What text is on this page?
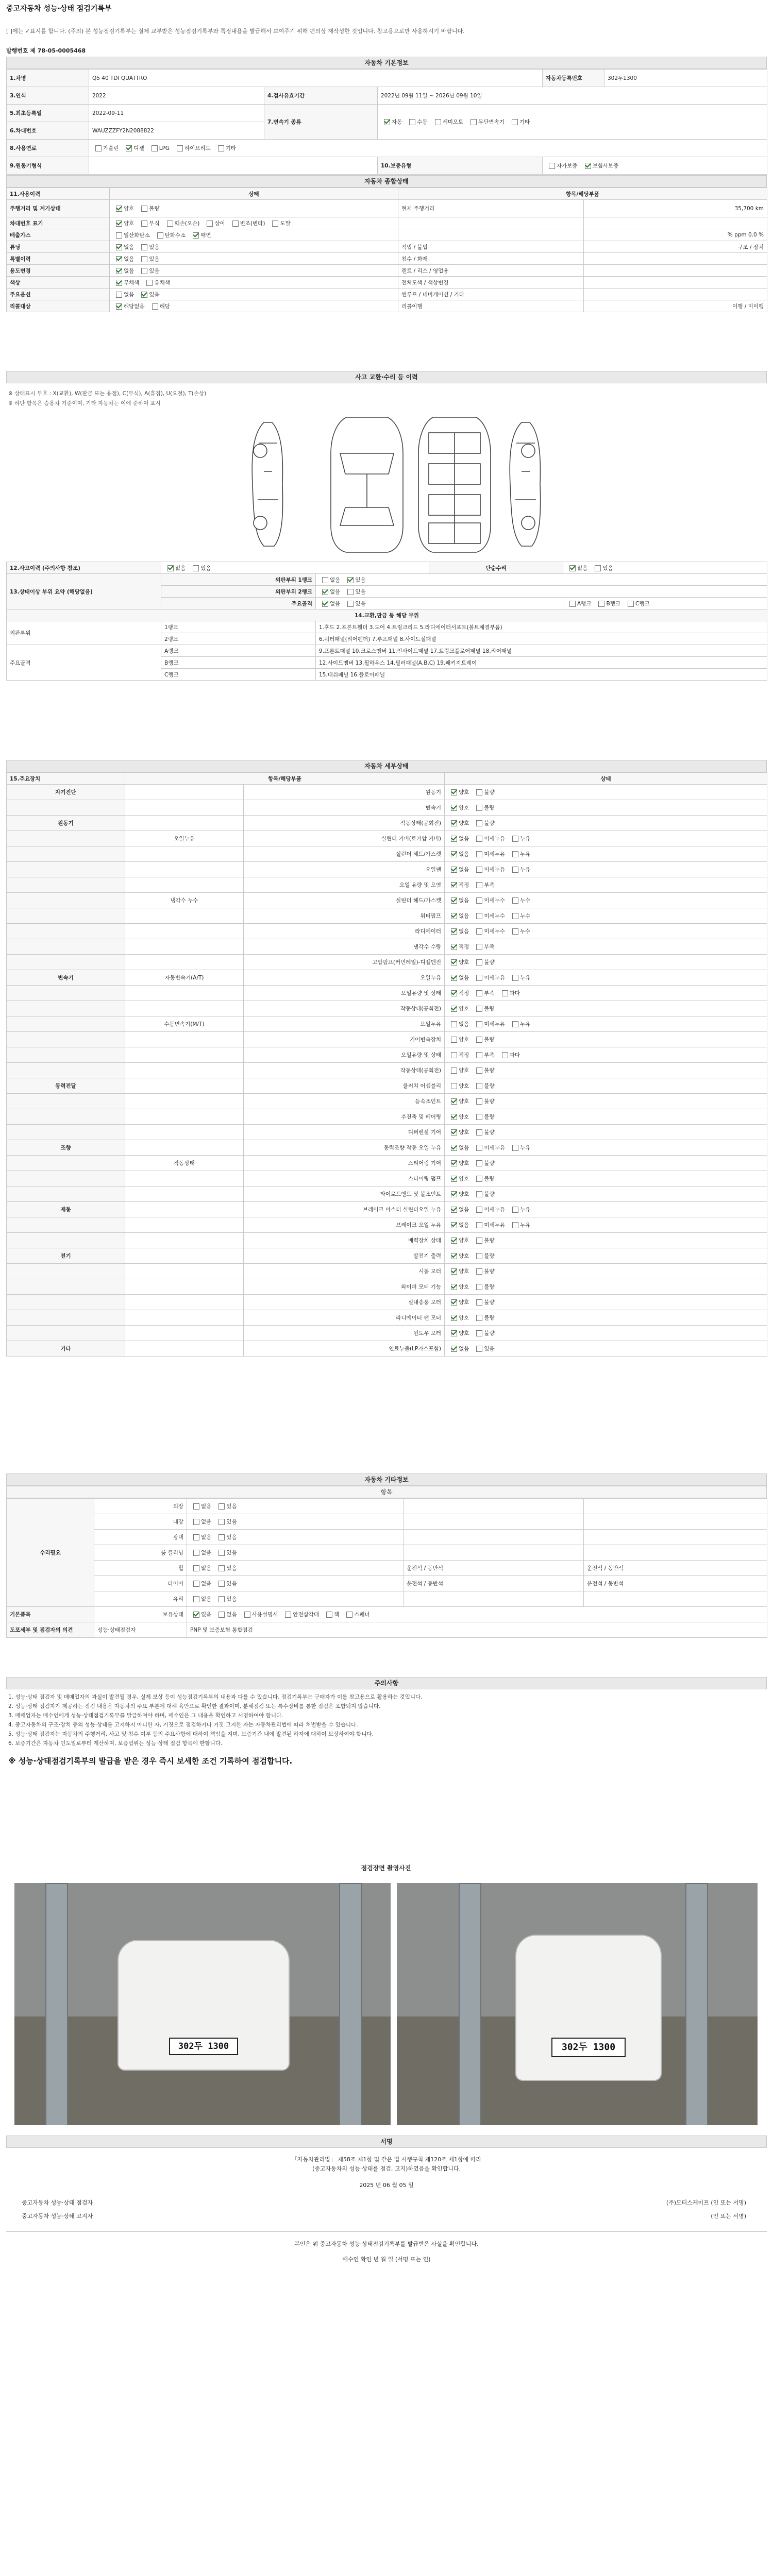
중고자동차 성능·상태 점검기록부
[ ]에는 ✓표시를 합니다. (주의) 본 성능점검기록부는 실제 교부받은 성능점검기록부와 특정내용을 발급해서 보여주기 위해 편의상 재작성한 것입니다. 참고용으로만 사용하시기 바랍니다.
발행번호 제 78-05-0005468
자동차 기본정보
1.차명	Q5 40 TDI QUATTRO			자동차등록번호	302두1300
3.연식	2022	4.검사유효기간	2022년 09월 11일 ~ 2026년 09월 10일		
5.최초등록일	2022-09-11	7.변속기 종류	자동 수동 세미오토 무단변속기 기타		
6.차대번호	WAUZZZFY2N2088822				
8.사용연료	가솔린 디젤 LPG 하이브리드 기타				
9.원동기형식			10.보증유형	자가보증 보험사보증	
자동차 종합상태
11.사용이력	상태	항목/해당부품	
주행거리 및 계기상태	양호 불량	현재 주행거리	35,700 km
차대번호 표기	양호 부식 훼손(오손) 상이 변조(변타) 도말		
배출가스	일산화탄소 탄화수소 매연		% ppm 0.0 %
튜닝	없음 있음	적법 / 불법	구조 / 장치
특별이력	없음 있음	침수 / 화재	
용도변경	없음 있음	렌트 / 리스 / 영업용	
색상	무채색 유채색	전체도색 / 색상변경	
주요옵션	없음 있음	썬루프 / 네비게이션 / 기타	
리콜대상	해당없음 해당	리콜이행	이행 / 미이행
사고 교환·수리 등 이력
※ 상태표시 부호 : X(교환), W(판금 또는 용접), C(부식), A(흠집), U(요철), T(손상)
※ 하단 항목은 승용차 기준이며, 기타 자동차는 이에 준하여 표시
12.사고이력 (주의사항 참조)	없음 있음		단순수리	없음 있음
13.상태이상 부위 요약 (해당없음)	외판부위 1랭크	없음 있음		
	외판부위 2랭크	없음 있음		
	주요골격	없음 있음		A랭크 B랭크 C랭크
14.교환,판금 등 해당 부위				
외판부위	1랭크	1.후드 2.프론트휀더 3.도어 4.트렁크리드 5.라디에이터서포트(볼트체결부품)		
	2랭크	6.쿼터패널(리어펜더) 7.루프패널 8.사이드실패널		
주요골격	A랭크	9.프론트패널 10.크로스멤버 11.인사이드패널 17.트렁크플로어패널 18.리어패널		
	B랭크	12.사이드멤버 13.휠하우스 14.필러패널(A,B,C) 19.패키지트레이		
	C랭크	15.대쉬패널 16.플로어패널		
자동차 세부상태
15.주요장치	항목/해당부품		상태
자기진단		원동기	양호 불량
		변속기	양호 불량
원동기		작동상태(공회전)	양호 불량
	오일누유	실린더 커버(로커암 커버)	없음 미세누유 누유
		실린더 헤드/가스켓	없음 미세누유 누유
		오일팬	없음 미세누유 누유
		오일 유량 및 오염	적정 부족
	냉각수 누수	실린더 헤드/가스켓	없음 미세누수 누수
		워터펌프	없음 미세누수 누수
		라디에이터	없음 미세누수 누수
		냉각수 수량	적정 부족
		고압펌프(커먼레일)-디젤엔진	양호 불량
변속기	자동변속기(A/T)	오일누유	없음 미세누유 누유
		오일유량 및 상태	적정 부족 과다
		작동상태(공회전)	양호 불량
	수동변속기(M/T)	오일누유	없음 미세누유 누유
		기어변속장치	양호 불량
		오일유량 및 상태	적정 부족 과다
		작동상태(공회전)	양호 불량
동력전달		클러치 어셈블리	양호 불량
		등속조인트	양호 불량
		추진축 및 베어링	양호 불량
		디퍼렌셜 기어	양호 불량
조향		동력조향 작동 오일 누유	없음 미세누유 누유
	작동상태	스티어링 기어	양호 불량
		스티어링 펌프	양호 불량
		타이로드엔드 및 볼조인트	양호 불량
제동		브레이크 마스터 실린더오일 누유	없음 미세누유 누유
		브레이크 오일 누유	없음 미세누유 누유
		배력장치 상태	양호 불량
전기		발전기 출력	양호 불량
		시동 모터	양호 불량
		와이퍼 모터 기능	양호 불량
		실내송풍 모터	양호 불량
		라디에이터 팬 모터	양호 불량
		윈도우 모터	양호 불량
기타		연료누출(LP가스포함)	없음 있음
자동차 기타정보
항목
수리필요	외장	없음 있음		
	내장	없음 있음		
	광택	없음 있음		
	룸 클리닝	없음 있음		
	휠	없음 있음	운전석 / 동반석	운전석 / 동반석
	타이어	없음 있음	운전석 / 동반석	운전석 / 동반석
	유리	없음 있음		
기본품목	보유상태	있음 없음 사용설명서 안전삼각대 잭 스패너		
도포세부 및 점검자의 의견	성능·상태점검자	PNP 및 보증보험 통합점검		
주의사항

1. 성능·상태 점검자 및 매매업자의 과실이 발견될 경우, 실제 보상 등이 성능점검기록부의 내용과 다를 수 있습니다. 점검기록부는 구매자가 이를 참고용으로 활용하는 것입니다.

2. 성능·상태 점검자가 제공하는 점검 내용은 자동차의 주요 부분에 대해 육안으로 확인한 결과이며, 분해점검 또는 특수장비를 통한 점검은 포함되지 않습니다.

3. 매매업자는 매수인에게 성능·상태점검기록부를 발급하여야 하며, 매수인은 그 내용을 확인하고 서명하여야 합니다.

4. 중고자동차의 구조·장치 등의 성능·상태를 고지하지 아니한 자, 거짓으로 점검하거나 거짓 고지한 자는 자동차관리법에 따라 처벌받을 수 있습니다.

5. 성능·상태 점검자는 자동차의 주행거리, 사고 및 침수 여부 등의 주요사항에 대하여 책임을 지며, 보증기간 내에 발견된 하자에 대하여 보상하여야 합니다.

6. 보증기간은 자동차 인도일로부터 계산하며, 보증범위는 성능·상태 점검 항목에 한합니다.

※ 성능·상태점검기록부의 발급을 받은 경우 즉시 보세한 조건 기록하여 점검합니다.
점검장면 촬영사진
302두 1300	302두 1300
서명
「자동차관리법」 제58조 제1항 및 같은 법 시행규칙 제120조 제1항에 따라
(중고자동차의 성능·상태를 점검, 고지)하였음을 확인합니다.
2025 년 06 월 05 일
중고자동차 성능·상태 점검자	(주)모터스케이프 (인 또는 서명)
중고자동차 성능·상태 고지자	(인 또는 서명)
본인은 위 중고자동차 성능·상태점검기록부를 발급받은 사실을 확인합니다.
매수인 확인 년 월 일 (서명 또는 인)
